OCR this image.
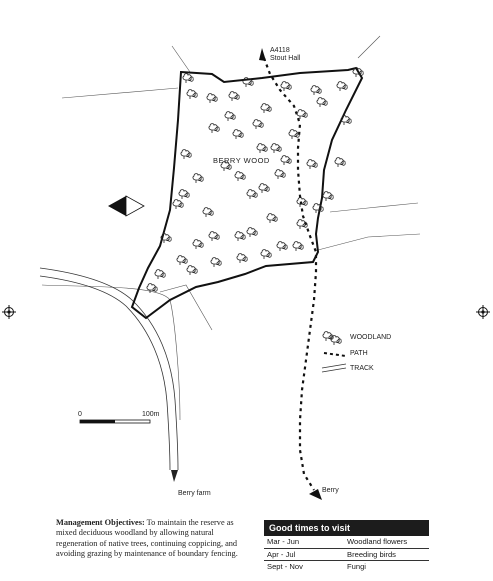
BERRY WOOD
A4118
Stout Hall
Berry farm	Berry
0	100m
WOODLAND
PATH
TRACK
Management Objectives: To maintain the reserve as mixed deciduous woodland by allowing natural regeneration of native trees, continuing coppicing, and avoiding grazing by maintenance of boundary fencing.
Good times to visit
Mar - Jun	Woodland flowers
Apr - Jul	Breeding birds
Sept - Nov	Fungi
